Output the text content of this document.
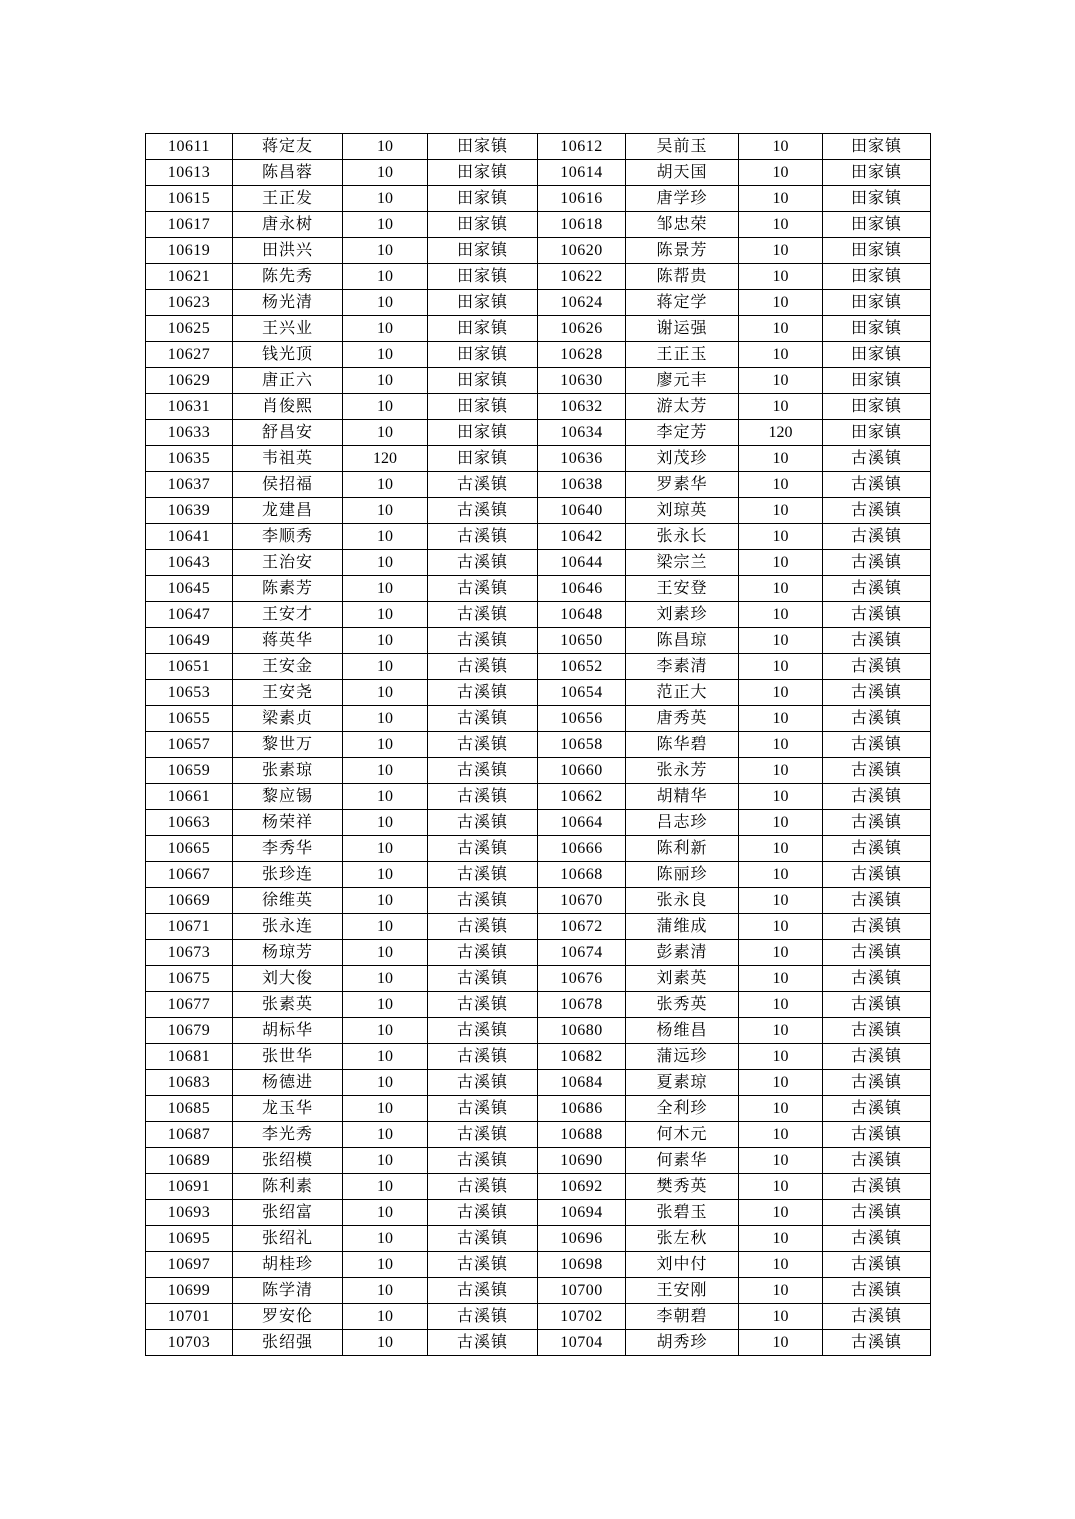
10611	蒋定友	10	田家镇	10612	吴前玉	10	田家镇
10613	陈昌蓉	10	田家镇	10614	胡天国	10	田家镇
10615	王正发	10	田家镇	10616	唐学珍	10	田家镇
10617	唐永树	10	田家镇	10618	邹忠荣	10	田家镇
10619	田洪兴	10	田家镇	10620	陈景芳	10	田家镇
10621	陈先秀	10	田家镇	10622	陈帮贵	10	田家镇
10623	杨光清	10	田家镇	10624	蒋定学	10	田家镇
10625	王兴业	10	田家镇	10626	谢运强	10	田家镇
10627	钱光顶	10	田家镇	10628	王正玉	10	田家镇
10629	唐正六	10	田家镇	10630	廖元丰	10	田家镇
10631	肖俊熙	10	田家镇	10632	游太芳	10	田家镇
10633	舒昌安	10	田家镇	10634	李定芳	120	田家镇
10635	韦祖英	120	田家镇	10636	刘茂珍	10	古溪镇
10637	侯招福	10	古溪镇	10638	罗素华	10	古溪镇
10639	龙建昌	10	古溪镇	10640	刘琼英	10	古溪镇
10641	李顺秀	10	古溪镇	10642	张永长	10	古溪镇
10643	王治安	10	古溪镇	10644	梁宗兰	10	古溪镇
10645	陈素芳	10	古溪镇	10646	王安登	10	古溪镇
10647	王安才	10	古溪镇	10648	刘素珍	10	古溪镇
10649	蒋英华	10	古溪镇	10650	陈昌琼	10	古溪镇
10651	王安金	10	古溪镇	10652	李素清	10	古溪镇
10653	王安尧	10	古溪镇	10654	范正大	10	古溪镇
10655	梁素贞	10	古溪镇	10656	唐秀英	10	古溪镇
10657	黎世万	10	古溪镇	10658	陈华碧	10	古溪镇
10659	张素琼	10	古溪镇	10660	张永芳	10	古溪镇
10661	黎应锡	10	古溪镇	10662	胡精华	10	古溪镇
10663	杨荣祥	10	古溪镇	10664	吕志珍	10	古溪镇
10665	李秀华	10	古溪镇	10666	陈利新	10	古溪镇
10667	张珍连	10	古溪镇	10668	陈丽珍	10	古溪镇
10669	徐维英	10	古溪镇	10670	张永良	10	古溪镇
10671	张永连	10	古溪镇	10672	蒲维成	10	古溪镇
10673	杨琼芳	10	古溪镇	10674	彭素清	10	古溪镇
10675	刘大俊	10	古溪镇	10676	刘素英	10	古溪镇
10677	张素英	10	古溪镇	10678	张秀英	10	古溪镇
10679	胡标华	10	古溪镇	10680	杨维昌	10	古溪镇
10681	张世华	10	古溪镇	10682	蒲远珍	10	古溪镇
10683	杨德进	10	古溪镇	10684	夏素琼	10	古溪镇
10685	龙玉华	10	古溪镇	10686	全利珍	10	古溪镇
10687	李光秀	10	古溪镇	10688	何木元	10	古溪镇
10689	张绍模	10	古溪镇	10690	何素华	10	古溪镇
10691	陈利素	10	古溪镇	10692	樊秀英	10	古溪镇
10693	张绍富	10	古溪镇	10694	张碧玉	10	古溪镇
10695	张绍礼	10	古溪镇	10696	张左秋	10	古溪镇
10697	胡桂珍	10	古溪镇	10698	刘中付	10	古溪镇
10699	陈学清	10	古溪镇	10700	王安刚	10	古溪镇
10701	罗安伦	10	古溪镇	10702	李朝碧	10	古溪镇
10703	张绍强	10	古溪镇	10704	胡秀珍	10	古溪镇
